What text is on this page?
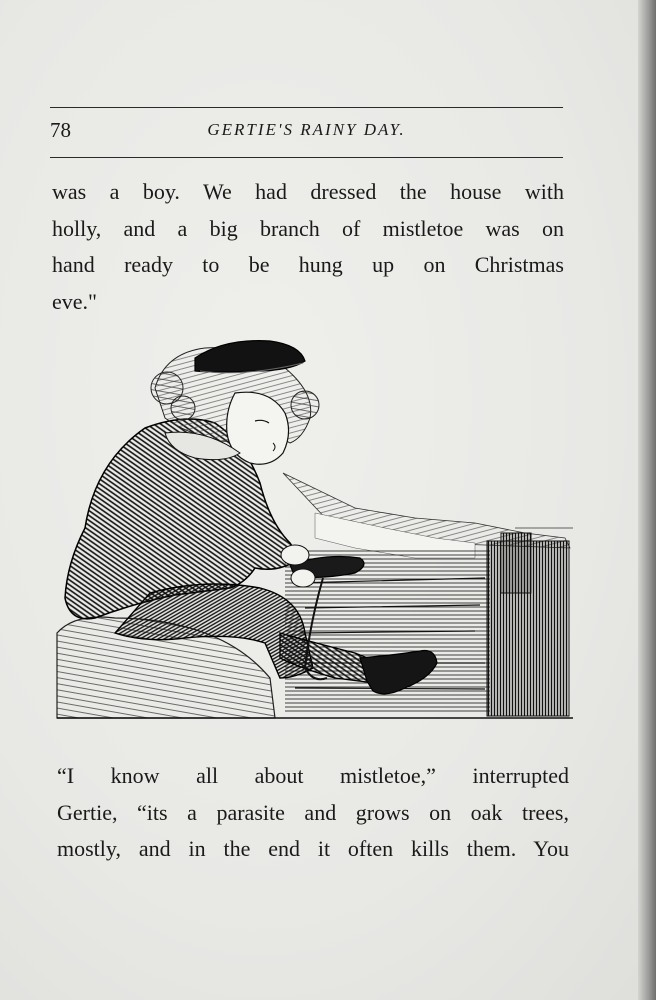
78	GERTIE'S RAINY DAY.

was a boy. We had dressed the house with
holly, and a big branch of mistletoe was on
hand ready to be hung up on Christmas
eve."

“I know all about mistletoe,” interrupted
Gertie, “its a parasite and grows on oak trees,
mostly, and in the end it often kills them. You
